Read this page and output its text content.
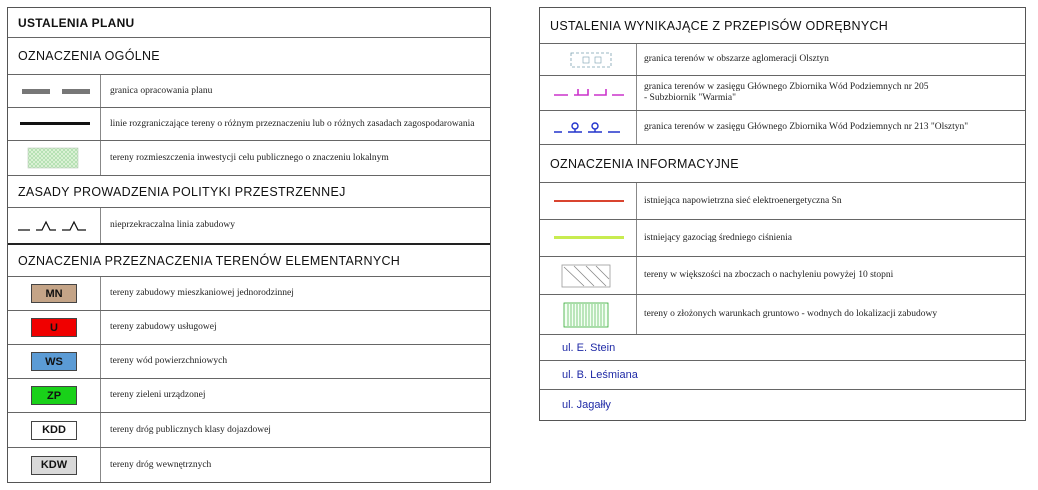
USTALENIA PLANU
OZNACZENIA OGÓLNE
granica opracowania planu
linie rozgraniczające tereny o różnym przeznaczeniu lub o różnych zasadach zagospodarowania
tereny rozmieszczenia inwestycji celu publicznego o znaczeniu lokalnym
ZASADY PROWADZENIA POLITYKI PRZESTRZENNEJ
nieprzekraczalna linia zabudowy
OZNACZENIA PRZEZNACZENIA TERENÓW ELEMENTARNYCH
MN	tereny zabudowy mieszkaniowej jednorodzinnej
U	tereny zabudowy usługowej
WS	tereny wód powierzchniowych
ZP	tereny zieleni urządzonej
KDD	tereny dróg publicznych klasy dojazdowej
KDW	tereny dróg wewnętrznych
USTALENIA WYNIKAJĄCE Z PRZEPISÓW ODRĘBNYCH
granica terenów w obszarze aglomeracji Olsztyn
granica terenów w zasięgu Głównego Zbiornika Wód Podziemnych nr 205
- Subzbiornik "Warmia"
granica terenów w zasięgu Głównego Zbiornika Wód Podziemnych nr 213 "Olsztyn"
OZNACZENIA INFORMACYJNE
istniejąca napowietrzna sieć elektroenergetyczna Sn
istniejący gazociąg średniego ciśnienia
tereny w większości na zboczach o nachyleniu powyżej 10 stopni
tereny o złożonych warunkach gruntowo - wodnych do lokalizacji zabudowy
ul. E. Stein
ul. B. Leśmiana
ul. Jagałły
